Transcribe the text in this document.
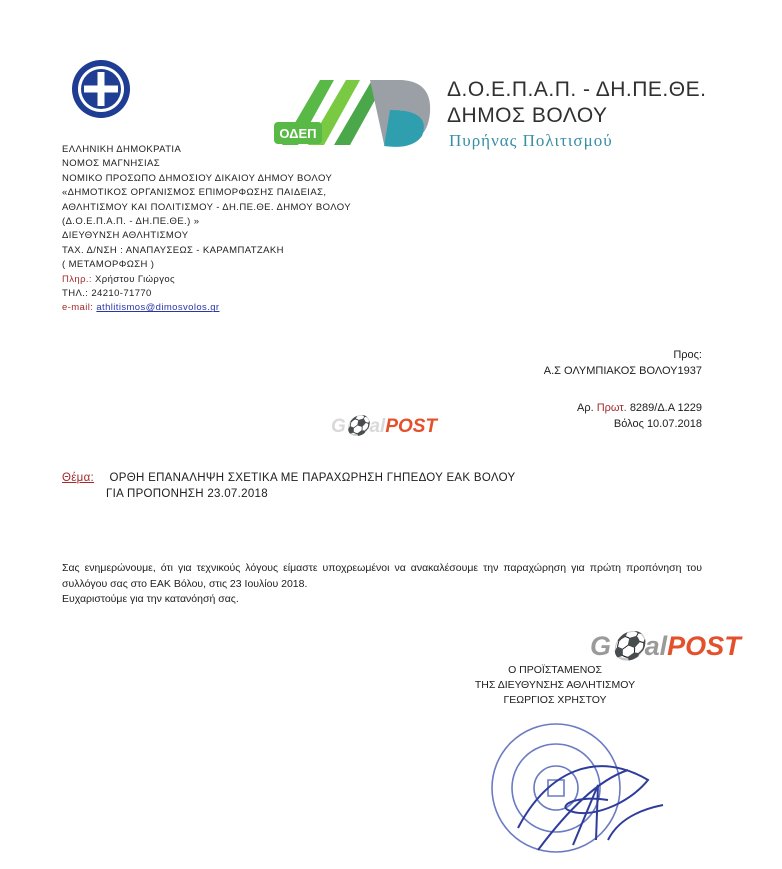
ΟΔΕΠ
Δ.Ο.Ε.Π.Α.Π. - ΔΗ.ΠΕ.ΘΕ.
ΔΗΜΟΣ ΒΟΛΟΥ
Πυρήνας Πολιτισμού
ΕΛΛΗΝΙΚΗ ΔΗΜΟΚΡΑΤΙΑ
ΝΟΜΟΣ ΜΑΓΝΗΣΙΑΣ
ΝΟΜΙΚΟ ΠΡΟΣΩΠΟ ΔΗΜΟΣΙΟΥ ΔΙΚΑΙΟΥ ΔΗΜΟΥ ΒΟΛΟΥ
«ΔΗΜΟΤΙΚΟΣ ΟΡΓΑΝΙΣΜΟΣ ΕΠΙΜΟΡΦΩΣΗΣ ΠΑΙΔΕΙΑΣ,
ΑΘΛΗΤΙΣΜΟΥ ΚΑΙ ΠΟΛΙΤΙΣΜΟΥ - ΔΗ.ΠΕ.ΘΕ. ΔΗΜΟΥ ΒΟΛΟΥ
(Δ.Ο.Ε.Π.Α.Π. - ΔΗ.ΠΕ.ΘΕ.) »
ΔΙΕΥΘΥΝΣΗ ΑΘΛΗΤΙΣΜΟΥ
ΤΑΧ. Δ/ΝΣΗ : ΑΝΑΠΑΥΣΕΩΣ - ΚΑΡΑΜΠΑΤΖΑΚΗ
( ΜΕΤΑΜΟΡΦΩΣΗ )
Πληρ.: Χρήστου Γιώργος
ΤΗΛ.: 24210-71770
e-mail: athlitismos@dimosvolos.gr
Προς:
Α.Σ ΟΛΥΜΠΙΑΚΟΣ ΒΟΛΟΥ1937
Αρ. Πρωτ. 8289/Δ.Α 1229
Βόλος 10.07.2018
G⚽alPOST
Θέμα: ΟΡΘΗ ΕΠΑΝΑΛΗΨΗ ΣΧΕΤΙΚΑ ΜΕ ΠΑΡΑΧΩΡΗΣΗ ΓΗΠΕΔΟΥ ΕΑΚ ΒΟΛΟΥ
ΓΙΑ ΠΡΟΠΟΝΗΣΗ 23.07.2018
Σας ενημερώνουμε, ότι για τεχνικούς λόγους είμαστε υποχρεωμένοι να ανακαλέσουμε την παραχώρηση για πρώτη προπόνηση του συλλόγου σας στο ΕΑΚ Βόλου, στις 23 Ιουλίου 2018.
Ευχαριστούμε για την κατανόησή σας.
G⚽alPOST
Ο ΠΡΟΪΣΤΑΜΕΝΟΣ
ΤΗΣ ΔΙΕΥΘΥΝΣΗΣ ΑΘΛΗΤΙΣΜΟΥ
ΓΕΩΡΓΙΟΣ ΧΡΗΣΤΟΥ
